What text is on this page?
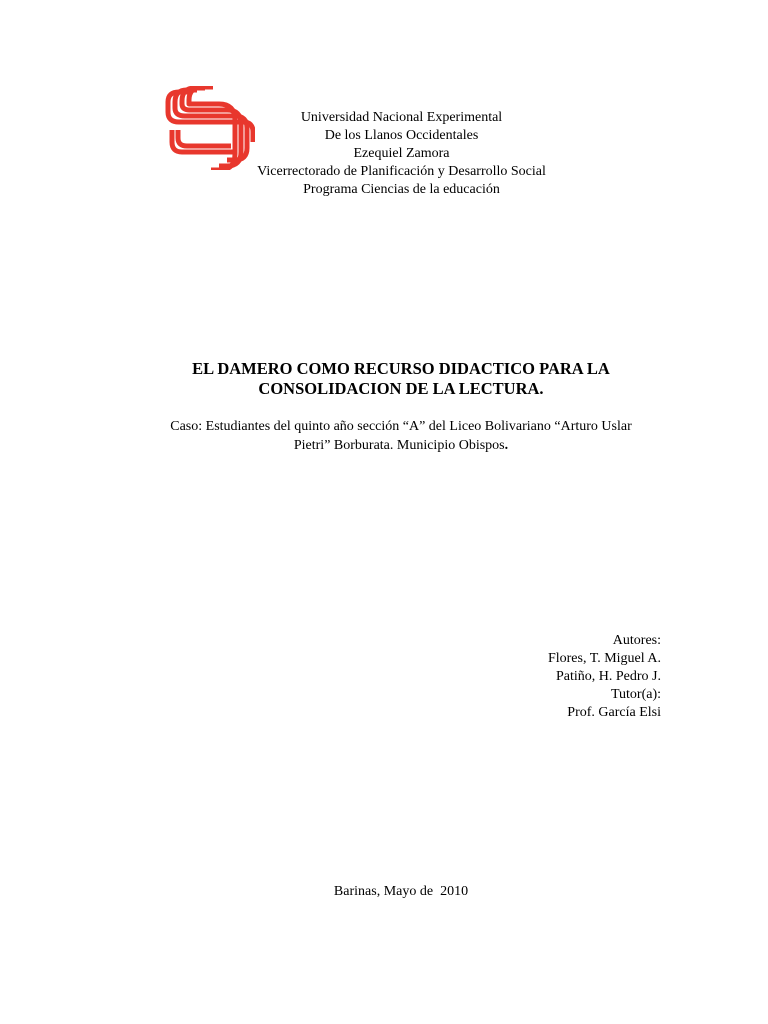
Universidad Nacional Experimental
De los Llanos Occidentales
Ezequiel Zamora
Vicerrectorado de Planificación y Desarrollo Social
Programa Ciencias de la educación
EL DAMERO COMO RECURSO DIDACTICO PARA LA
CONSOLIDACION DE LA LECTURA.
Caso: Estudiantes del quinto año sección “A” del Liceo Bolivariano “Arturo Uslar
Pietri” Borburata. Municipio Obispos.
Autores:
Flores, T. Miguel A.
Patiño, H. Pedro J.
Tutor(a):
Prof. García Elsi
Barinas, Mayo de  2010
